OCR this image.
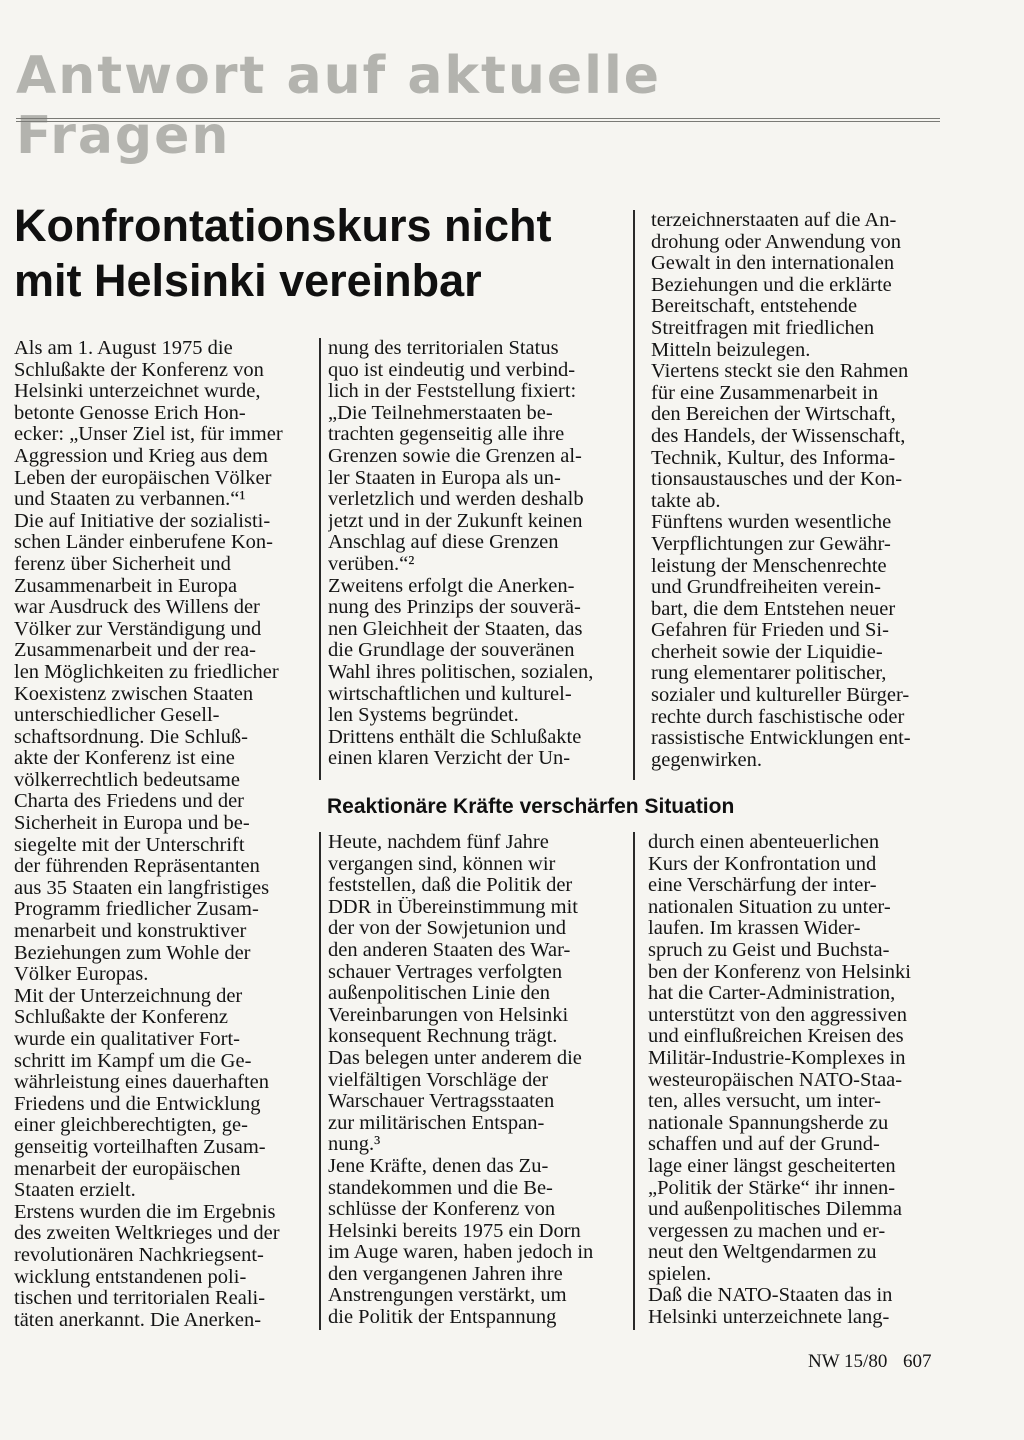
Antwort auf aktuelle Fragen
Konfrontationskurs nicht mit Helsinki vereinbar
Als am 1. August 1975 die
Schlußakte der Konferenz von
Helsinki unterzeichnet wurde,
betonte Genosse Erich Hon-
ecker: „Unser Ziel ist, für immer
Aggression und Krieg aus dem
Leben der europäischen Völker
und Staaten zu verbannen.“¹
Die auf Initiative der sozialisti-
schen Länder einberufene Kon-
ferenz über Sicherheit und
Zusammenarbeit in Europa
war Ausdruck des Willens der
Völker zur Verständigung und
Zusammenarbeit und der rea-
len Möglichkeiten zu friedlicher
Koexistenz zwischen Staaten
unterschiedlicher Gesell-
schaftsordnung. Die Schluß-
akte der Konferenz ist eine
völkerrechtlich bedeutsame
Charta des Friedens und der
Sicherheit in Europa und be-
siegelte mit der Unterschrift
der führenden Repräsentanten
aus 35 Staaten ein langfristiges
Programm friedlicher Zusam-
menarbeit und konstruktiver
Beziehungen zum Wohle der
Völker Europas.
Mit der Unterzeichnung der
Schlußakte der Konferenz
wurde ein qualitativer Fort-
schritt im Kampf um die Ge-
währleistung eines dauerhaften
Friedens und die Entwicklung
einer gleichberechtigten, ge-
genseitig vorteilhaften Zusam-
menarbeit der europäischen
Staaten erzielt.
Erstens wurden die im Ergebnis
des zweiten Weltkrieges und der
revolutionären Nachkriegsent-
wicklung entstandenen poli-
tischen und territorialen Reali-
täten anerkannt. Die Anerken-
nung des territorialen Status
quo ist eindeutig und verbind-
lich in der Feststellung fixiert:
„Die Teilnehmerstaaten be-
trachten gegenseitig alle ihre
Grenzen sowie die Grenzen al-
ler Staaten in Europa als un-
verletzlich und werden deshalb
jetzt und in der Zukunft keinen
Anschlag auf diese Grenzen
verüben.“²
Zweitens erfolgt die Anerken-
nung des Prinzips der souverä-
nen Gleichheit der Staaten, das
die Grundlage der souveränen
Wahl ihres politischen, sozialen,
wirtschaftlichen und kulturel-
len Systems begründet.
Drittens enthält die Schlußakte
einen klaren Verzicht der Un-
terzeichnerstaaten auf die An-
drohung oder Anwendung von
Gewalt in den internationalen
Beziehungen und die erklärte
Bereitschaft, entstehende
Streitfragen mit friedlichen
Mitteln beizulegen.
Viertens steckt sie den Rahmen
für eine Zusammenarbeit in
den Bereichen der Wirtschaft,
des Handels, der Wissenschaft,
Technik, Kultur, des Informa-
tionsaustausches und der Kon-
takte ab.
Fünftens wurden wesentliche
Verpflichtungen zur Gewähr-
leistung der Menschenrechte
und Grundfreiheiten verein-
bart, die dem Entstehen neuer
Gefahren für Frieden und Si-
cherheit sowie der Liquidie-
rung elementarer politischer,
sozialer und kultureller Bürger-
rechte durch faschistische oder
rassistische Entwicklungen ent-
gegenwirken.
Reaktionäre Kräfte verschärfen Situation
Heute, nachdem fünf Jahre
vergangen sind, können wir
feststellen, daß die Politik der
DDR in Übereinstimmung mit
der von der Sowjetunion und
den anderen Staaten des War-
schauer Vertrages verfolgten
außenpolitischen Linie den
Vereinbarungen von Helsinki
konsequent Rechnung trägt.
Das belegen unter anderem die
vielfältigen Vorschläge der
Warschauer Vertragsstaaten
zur militärischen Entspan-
nung.³
Jene Kräfte, denen das Zu-
standekommen und die Be-
schlüsse der Konferenz von
Helsinki bereits 1975 ein Dorn
im Auge waren, haben jedoch in
den vergangenen Jahren ihre
Anstrengungen verstärkt, um
die Politik der Entspannung
durch einen abenteuerlichen
Kurs der Konfrontation und
eine Verschärfung der inter-
nationalen Situation zu unter-
laufen. Im krassen Wider-
spruch zu Geist und Buchsta-
ben der Konferenz von Helsinki
hat die Carter-Administration,
unterstützt von den aggressiven
und einflußreichen Kreisen des
Militär-Industrie-Komplexes in
westeuropäischen NATO-Staa-
ten, alles versucht, um inter-
nationale Spannungsherde zu
schaffen und auf der Grund-
lage einer längst gescheiterten
„Politik der Stärke“ ihr innen-
und außenpolitisches Dilemma
vergessen zu machen und er-
neut den Weltgendarmen zu
spielen.
Daß die NATO-Staaten das in
Helsinki unterzeichnete lang-
NW 15/80 607
